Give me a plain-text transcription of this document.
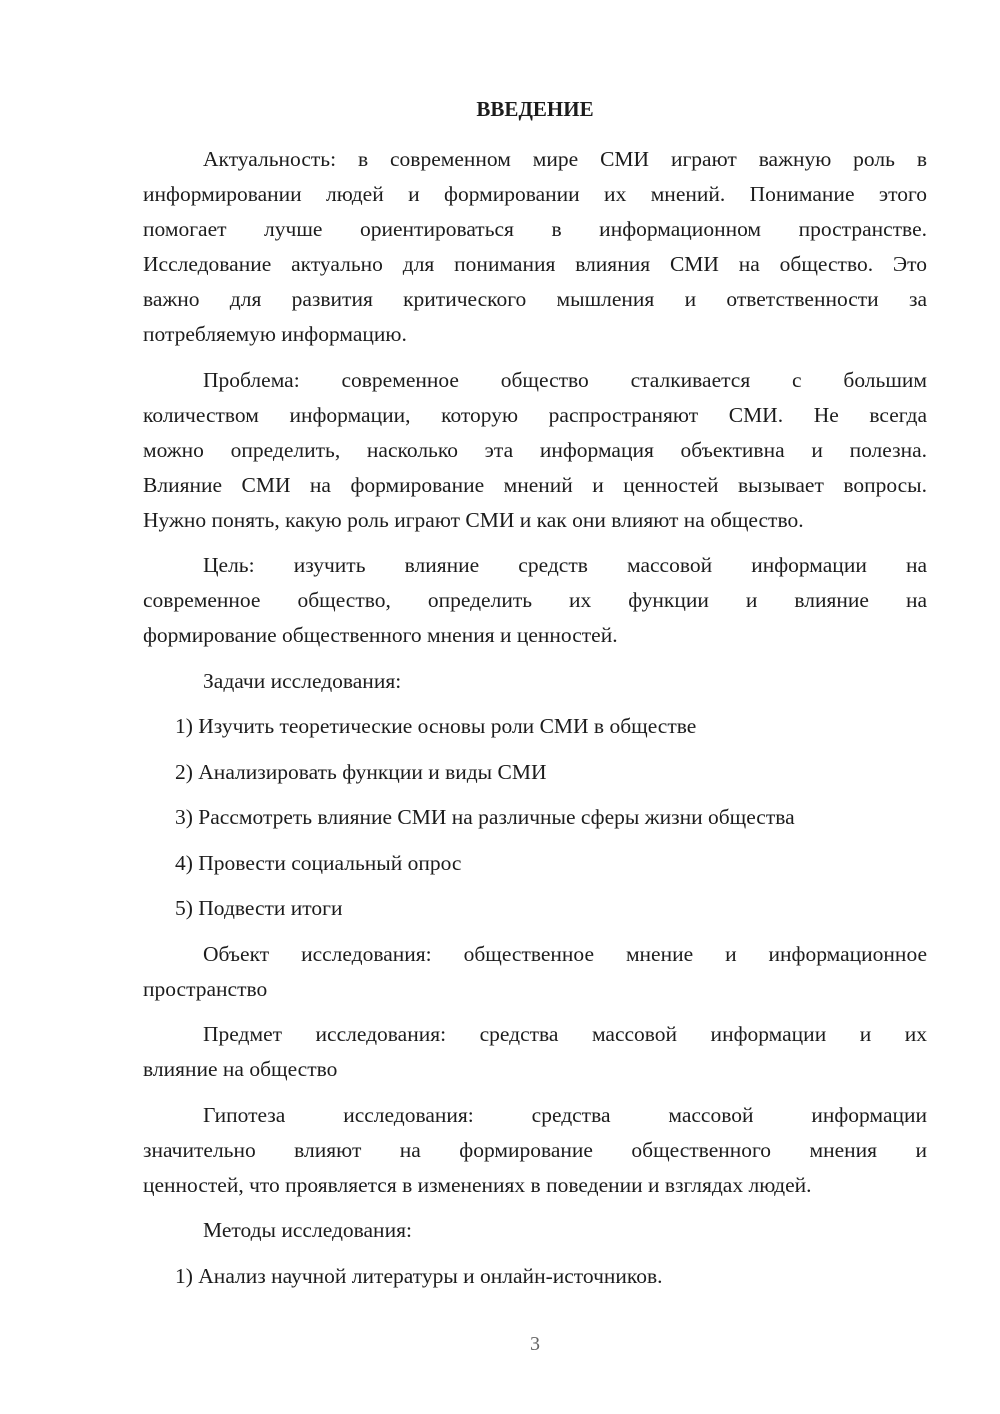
ВВЕДЕНИЕ
Актуальность: в современном мире СМИ играют важную роль в
информировании людей и формировании их мнений. Понимание этого
помогает лучше ориентироваться в информационном пространстве.
Исследование актуально для понимания влияния СМИ на общество. Это
важно для развития критического мышления и ответственности за
потребляемую информацию.
Проблема: современное общество сталкивается с большим
количеством информации, которую распространяют СМИ. Не всегда
можно определить, насколько эта информация объективна и полезна.
Влияние СМИ на формирование мнений и ценностей вызывает вопросы.
Нужно понять, какую роль играют СМИ и как они влияют на общество.
Цель: изучить влияние средств массовой информации на
современное общество, определить их функции и влияние на
формирование общественного мнения и ценностей.
Задачи исследования:
1) Изучить теоретические основы роли СМИ в обществе
2) Анализировать функции и виды СМИ
3) Рассмотреть влияние СМИ на различные сферы жизни общества
4) Провести социальный опрос
5) Подвести итоги
Объект исследования: общественное мнение и информационное
пространство
Предмет исследования: средства массовой информации и их
влияние на общество
Гипотеза исследования: средства массовой информации
значительно влияют на формирование общественного мнения и
ценностей, что проявляется в изменениях в поведении и взглядах людей.
Методы исследования:
1) Анализ научной литературы и онлайн-источников.
3
